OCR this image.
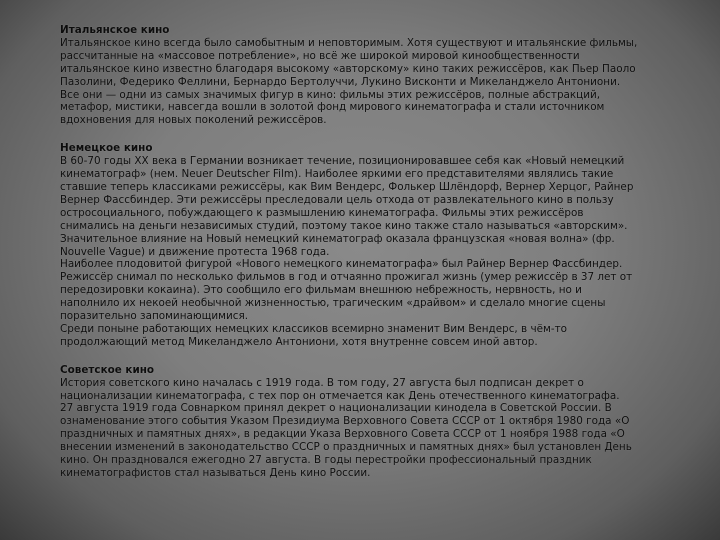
Итальянское кино

Итальянское кино всегда было самобытным и неповторимым. Хотя существуют и итальянские фильмы,
рассчитанные на «массовое потребление», но всё же широкой мировой кинообщественности
итальянское кино известно благодаря высокому «авторскому» кино таких режиссёров, как Пьер Паоло
Пазолини, Федерико Феллини, Бернардо Бертолуччи, Лукино Висконти и Микеланджело Антониони.
Все они — одни из самых значимых фигур в кино: фильмы этих режиссёров, полные абстракций,
метафор, мистики, навсегда вошли в золотой фонд мирового кинематографа и стали источником
вдохновения для новых поколений режиссёров.

Немецкое кино

В 60-70 годы XX века в Германии возникает течение, позиционировавшее себя как «Новый немецкий
кинематограф» (нем. Neuer Deutscher Film). Наиболее яркими его представителями являлись такие
ставшие теперь классиками режиссёры, как Вим Вендерс, Фолькер Шлёндорф, Вернер Херцог, Райнер
Вернер Фассбиндер. Эти режиссёры преследовали цель отхода от развлекательного кино в пользу
остросоциального, побуждающего к размышлению кинематографа. Фильмы этих режиссёров
снимались на деньги независимых студий, поэтому такое кино также стало называться «авторским».
Значительное влияние на Новый немецкий кинематограф оказала французская «новая волна» (фр.
Nouvelle Vague) и движение протеста 1968 года.
Наиболее плодовитой фигурой «Нового немецкого кинематографа» был Райнер Вернер Фассбиндер.
Режиссёр снимал по несколько фильмов в год и отчаянно прожигал жизнь (умер режиссёр в 37 лет от
передозировки кокаина). Это сообщило его фильмам внешнюю небрежность, нервность, но и
наполнило их некоей необычной жизненностью, трагическим «драйвом» и сделало многие сцены
поразительно запоминающимися.
Среди поныне работающих немецких классиков всемирно знаменит Вим Вендерс, в чём-то
продолжающий метод Микеланджело Антониони, хотя внутренне совсем иной автор.

Советское кино

История советского кино началась с 1919 года. В том году, 27 августа был подписан декрет о
национализации кинематографа, с тех пор он отмечается как День отечественного кинематографа.
27 августа 1919 года Совнарком принял декрет о национализации кинодела в Советской России. В
ознаменование этого события Указом Президиума Верховного Совета СССР от 1 октября 1980 года «О
праздничных и памятных днях», в редакции Указа Верховного Совета СССР от 1 ноября 1988 года «О
внесении изменений в законодательство СССР о праздничных и памятных днях» был установлен День
кино. Он праздновался ежегодно 27 августа. В годы перестройки профессиональный праздник
кинематографистов стал называться День кино России.
